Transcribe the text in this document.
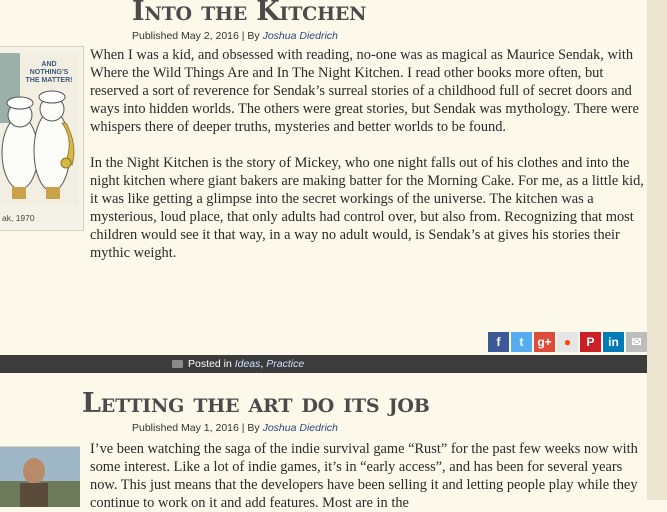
Into the Kitchen
Published May 2, 2016 | By Joshua Diedrich
AND NOTHING'S THE MATTER!
ak, 1970

When I was a kid, and obsessed with reading, no-one was as magical as Maurice Sendak, with Where the Wild Things Are and In The Night Kitchen. I read other books more often, but reserved a sort of reverence for Sendak’s surreal stories of a childhood full of secret doors and ways into hidden worlds. The others were great stories, but Sendak was mythology. There were whispers there of deeper truths, mysteries and better worlds to be found.

In the Night Kitchen is the story of Mickey, who one night falls out of his clothes and into the night kitchen where giant bakers are making batter for the Morning Cake. For me, as a little kid, it was like getting a glimpse into the secret workings of the universe. The kitchen was a mysterious, loud place, that only adults had control over, but also from. Recognizing that most children would see it that way, in a way no adult would, is Sendak’s at gives his stories their mythic weight.

f	t	g+	●	P	in	✉
Posted in Ideas, Practice
Letting the art do its job
Published May 1, 2016 | By Joshua Diedrich

I’ve been watching the saga of the indie survival game “Rust” for the past few weeks now with some interest. Like a lot of indie games, it’s in “early access”, and has been for several years now. This just means that the developers have been selling it and letting people play while they continue to work on it and add features. Most are in the
